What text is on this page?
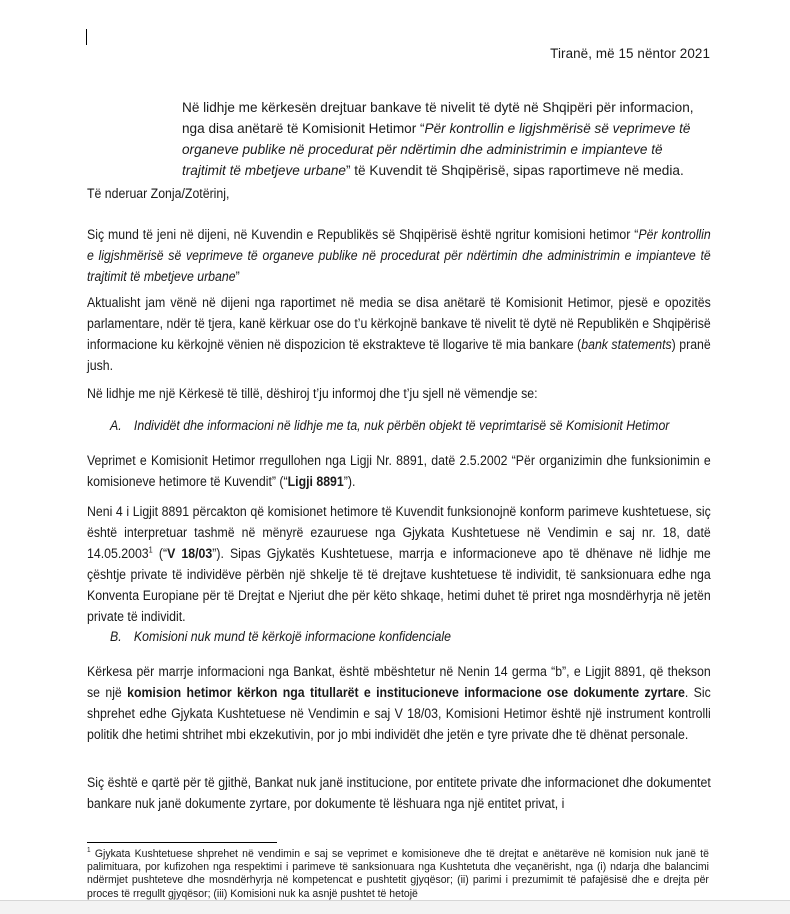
Tiranë, më 15 nëntor 2021
Në lidhje me kërkesën drejtuar bankave të nivelit të dytë në Shqipëri për informacion, nga disa anëtarë të Komisionit Hetimor “Për kontrollin e ligjshmërisë së veprimeve të organeve publike në procedurat për ndërtimin dhe administrimin e impianteve të trajtimit të mbetjeve urbane” të Kuvendit të Shqipërisë, sipas raportimeve në media.
Të nderuar Zonja/Zotërinj,
Siç mund të jeni në dijeni, në Kuvendin e Republikës së Shqipërisë është ngritur komisioni hetimor “Për kontrollin e ligjshmërisë së veprimeve të organeve publike në procedurat për ndërtimin dhe administrimin e impianteve të trajtimit të mbetjeve urbane”
Aktualisht jam vënë në dijeni nga raportimet në media se disa anëtarë të Komisionit Hetimor, pjesë e opozitës parlamentare, ndër të tjera, kanë kërkuar ose do t’u kërkojnë bankave të nivelit të dytë në Republikën e Shqipërisë informacione ku kërkojnë vënien në dispozicion të ekstrakteve të llogarive të mia bankare (bank statements) pranë jush.
Në lidhje me një Kërkesë të tillë, dëshiroj t’ju informoj dhe t’ju sjell në vëmendje se:
A. Individët dhe informacioni në lidhje me ta, nuk përbën objekt të veprimtarisë së Komisionit Hetimor
Veprimet e Komisionit Hetimor rregullohen nga Ligji Nr. 8891, datë 2.5.2002 “Për organizimin dhe funksionimin e komisioneve hetimore të Kuvendit” (“Ligji 8891”).
Neni 4 i Ligjit 8891 përcakton që komisionet hetimore të Kuvendit funksionojnë konform parimeve kushtetuese, siç është interpretuar tashmë në mënyrë ezauruese nga Gjykata Kushtetuese në Vendimin e saj nr. 18, datë 14.05.2003$^1$ (“V 18/03”). Sipas Gjykatës Kushtetuese, marrja e informacioneve apo të dhënave në lidhje me çështje private të individëve përbën një shkelje të të drejtave kushtetuese të individit, të sanksionuara edhe nga Konventa Europiane për të Drejtat e Njeriut dhe për këto shkaqe, hetimi duhet të priret nga mosndërhyrja në jetën private të individit.
B. Komisioni nuk mund të kërkojë informacione konfidenciale
Kërkesa për marrje informacioni nga Bankat, është mbështetur në Nenin 14 germa “b”, e Ligjit 8891, që thekson se një komision hetimor kërkon nga titullarët e institucioneve informacione ose dokumente zyrtare. Sic shprehet edhe Gjykata Kushtetuese në Vendimin e saj V 18/03, Komisioni Hetimor është një instrument kontrolli politik dhe hetimi shtrihet mbi ekzekutivin, por jo mbi individët dhe jetën e tyre private dhe të dhënat personale.
Siç është e qartë për të gjithë, Bankat nuk janë institucione, por entitete private dhe informacionet dhe dokumentet bankare nuk janë dokumente zyrtare, por dokumente të lëshuara nga një entitet privat, i
$^1$ Gjykata Kushtetuese shprehet në vendimin e saj se veprimet e komisioneve dhe të drejtat e anëtarëve në komision nuk janë të palimituara, por kufizohen nga respektimi i parimeve të sanksionuara nga Kushtetuta dhe veçanërisht, nga (i) ndarja dhe balancimi ndërmjet pushteteve dhe mosndërhyrja në kompetencat e pushtetit gjyqësor; (ii) parimi i prezumimit të pafajësisë dhe e drejta për proces të rregullt gjyqësor; (iii) Komisioni nuk ka asnjë pushtet të hetojë
